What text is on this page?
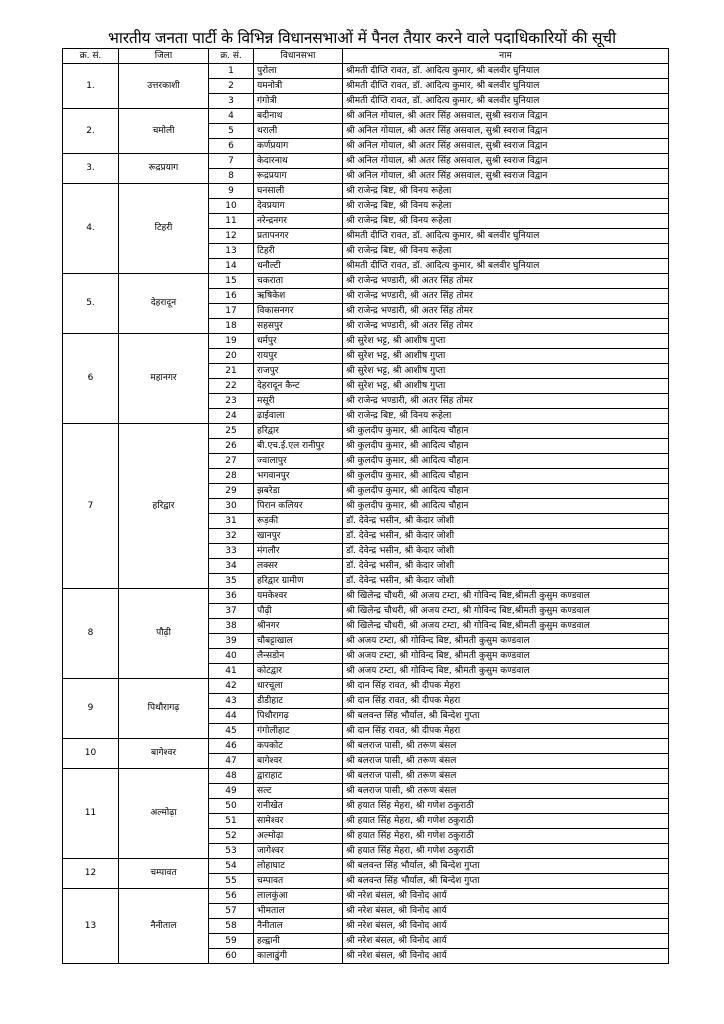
भारतीय जनता पार्टी के विभिन्न विधानसभाओं में पैनल तैयार करने वाले पदाधिकारियों की सूची
क्र. सं.	जिला	क्र. सं.	विधानसभा	नाम
1.	उत्तरकाशी	1	पुरोला	श्रीमती दीप्ति रावत, डॉ. आदित्य कुमार, श्री बलवीर घुनियाल
		2	यमनोत्री	श्रीमती दीप्ति रावत, डॉ. आदित्य कुमार, श्री बलवीर घुनियाल
		3	गंगोत्री	श्रीमती दीप्ति रावत, डॉ. आदित्य कुमार, श्री बलवीर घुनियाल
2.	चमोली	4	बदीनाथ	श्री अनिल गोयाल, श्री अतर सिंह असवाल, सुश्री स्वराज विद्वान
		5	थराली	श्री अनिल गोयाल, श्री अतर सिंह असवाल, सुश्री स्वराज विद्वान
		6	कर्णप्रयाग	श्री अनिल गोयाल, श्री अतर सिंह असवाल, सुश्री स्वराज विद्वान
3.	रूद्रप्रयाग	7	केदारनाथ	श्री अनिल गोयाल, श्री अतर सिंह असवाल, सुश्री स्वराज विद्वान
		8	रूद्रप्रयाग	श्री अनिल गोयाल, श्री अतर सिंह असवाल, सुश्री स्वराज विद्वान
4.	टिहरी	9	घनसाली	श्री राजेन्द्र बिष्ट, श्री विनय रूहेला
		10	देवप्रयाग	श्री राजेन्द्र बिष्ट, श्री विनय रूहेला
		11	नरेन्द्रनगर	श्री राजेन्द्र बिष्ट, श्री विनय रूहेला
		12	प्रतापनगर	श्रीमती दीप्ति रावत, डॉ. आदित्य कुमार, श्री बलवीर घुनियाल
		13	टिहरी	श्री राजेन्द्र बिष्ट, श्री विनय रूहेला
		14	धनौल्टी	श्रीमती दीप्ति रावत, डॉ. आदित्य कुमार, श्री बलवीर घुनियाल
5.	देहरादून	15	चकराता	श्री राजेन्द्र भण्डारी, श्री अतर सिंह तोमर
		16	ऋषिकेश	श्री राजेन्द्र भण्डारी, श्री अतर सिंह तोमर
		17	विकासनगर	श्री राजेन्द्र भण्डारी, श्री अतर सिंह तोमर
		18	सहसपुर	श्री राजेन्द्र भण्डारी, श्री अतर सिंह तोमर
6	महानगर	19	धर्मपुर	श्री सुरेश भट्ट, श्री आशीष गुप्ता
		20	रायपुर	श्री सुरेश भट्ट, श्री आशीष गुप्ता
		21	राजपुर	श्री सुरेश भट्ट, श्री आशीष गुप्ता
		22	देहरादून कैन्ट	श्री सुरेश भट्ट, श्री आशीष गुप्ता
		23	मसूरी	श्री राजेन्द्र भण्डारी, श्री अतर सिंह तोमर
		24	ढाईवाला	श्री राजेन्द्र बिष्ट, श्री विनय रूहेला
7	हरिद्वार	25	हरिद्वार	श्री कुलदीप कुमार, श्री आदित्य चौहान
		26	बी.एच.ई.एल रानीपुर	श्री कुलदीप कुमार, श्री आदित्य चौहान
		27	ज्वालापुर	श्री कुलदीप कुमार, श्री आदित्य चौहान
		28	भगवानपुर	श्री कुलदीप कुमार, श्री आदित्य चौहान
		29	झबरेडा	श्री कुलदीप कुमार, श्री आदित्य चौहान
		30	पिरान कलियर	श्री कुलदीप कुमार, श्री आदित्य चौहान
		31	रूड़की	डॉ. देवेन्द्र भसीन, श्री केदार जोशी
		32	खानपुर	डॉ. देवेन्द्र भसीन, श्री केदार जोशी
		33	मंगलौर	डॉ. देवेन्द्र भसीन, श्री केदार जोशी
		34	लक्सर	डॉ. देवेन्द्र भसीन, श्री केदार जोशी
		35	हरिद्वार ग्रामीण	डॉ. देवेन्द्र भसीन, श्री केदार जोशी
8	पौढ़ी	36	यमकेश्वर	श्री खिलेन्द्र चौधरी, श्री अजय टम्टा, श्री गोविन्द बिष्ट,श्रीमती कुसुम कण्डवाल
		37	पौढ़ी	श्री खिलेन्द्र चौधरी, श्री अजय टम्टा, श्री गोविन्द बिष्ट,श्रीमती कुसुम कण्डवाल
		38	श्रीनगर	श्री खिलेन्द्र चौधरी, श्री अजय टम्टा, श्री गोविन्द बिष्ट,श्रीमती कुसुम कण्डवाल
		39	चौबट्टाखाल	श्री अजय टम्टा, श्री गोविन्द बिष्ट, श्रीमती कुसुम कण्डवाल
		40	लैन्सडोन	श्री अजय टम्टा, श्री गोविन्द बिष्ट, श्रीमती कुसुम कण्डवाल
		41	कोटद्वार	श्री अजय टम्टा, श्री गोविन्द बिष्ट, श्रीमती कुसुम कण्डवाल
9	पिथौरागढ़	42	धारचूला	श्री दान सिंह रावत, श्री दीपक मेहरा
		43	डीडीहाट	श्री दान सिंह रावत, श्री दीपक मेहरा
		44	पिथौरागढ़	श्री बलवन्त सिंह भौर्याल, श्री बिन्देश गुप्ता
		45	गंगोलीहाट	श्री दान सिंह रावत, श्री दीपक मेहरा
10	बागेश्वर	46	कपकोट	श्री बलराज पासी, श्री तरूण बंसल
		47	बागेश्वर	श्री बलराज पासी, श्री तरूण बंसल
11	अल्मोढ़ा	48	द्वाराहाट	श्री बलराज पासी, श्री तरूण बंसल
		49	सल्ट	श्री बलराज पासी, श्री तरूण बंसल
		50	रानीखेत	श्री हयात सिंह मेहरा, श्री गणेश ठकुराठी
		51	सामेश्वर	श्री हयात सिंह मेहरा, श्री गणेश ठकुराठी
		52	अल्मोढ़ा	श्री हयात सिंह मेहरा, श्री गणेश ठकुराठी
		53	जागेश्वर	श्री हयात सिंह मेहरा, श्री गणेश ठकुराठी
12	चम्पावत	54	लोहाघाट	श्री बलवन्त सिंह भौर्याल, श्री बिन्देश गुप्ता
		55	चम्पावत	श्री बलवन्त सिंह भौर्याल, श्री बिन्देश गुप्ता
13	नैनीताल	56	लालकुंआ	श्री नरेश बंसल, श्री विनोद आर्य
		57	भीमताल	श्री नरेश बंसल, श्री विनोद आर्य
		58	नैनीताल	श्री नरेश बंसल, श्री विनोद आर्य
		59	हल्द्वानी	श्री नरेश बंसल, श्री विनोद आर्य
		60	कालाढुंगी	श्री नरेश बंसल, श्री विनोद आर्य
